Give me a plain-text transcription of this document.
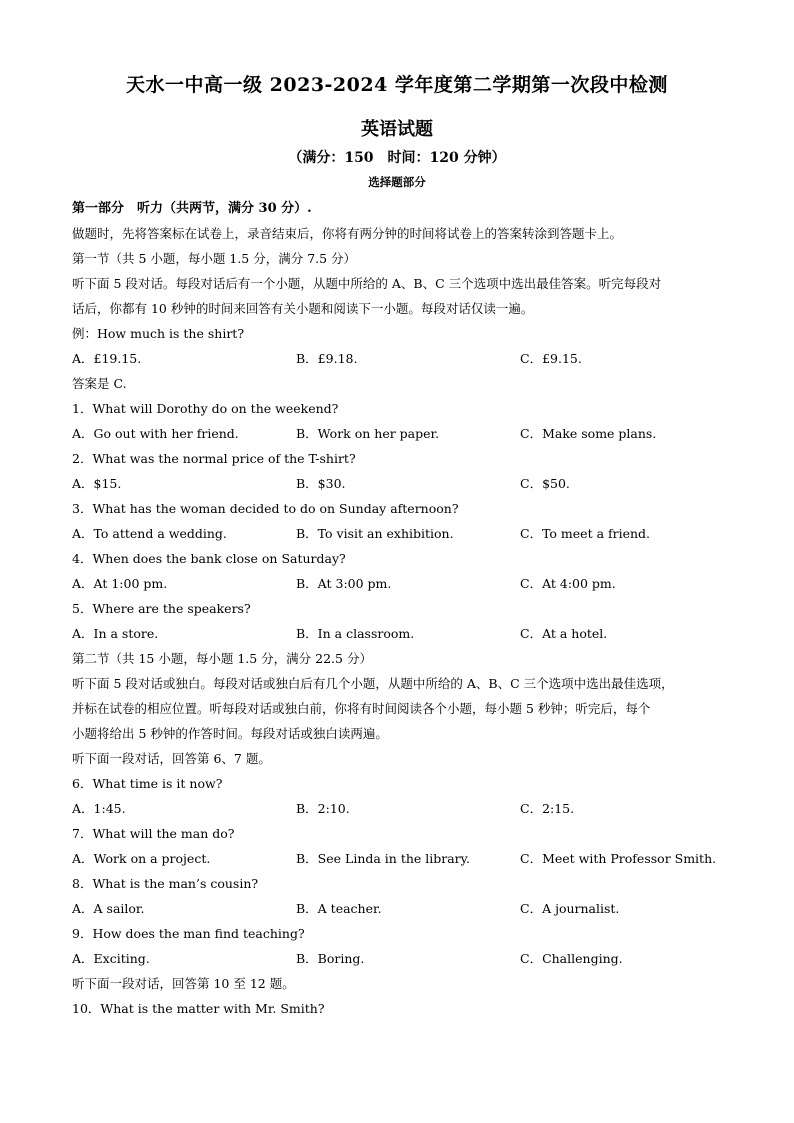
天水一中高一级 2023-2024 学年度第二学期第一次段中检测
英语试题
（满分：150　时间：120 分钟）
选择题部分
第一部分　听力（共两节，满分 30 分）.
做题时，先将答案标在试卷上，录音结束后，你将有两分钟的时间将试卷上的答案转涂到答题卡上。
第一节（共 5 小题，每小题 1.5 分，满分 7.5 分）
听下面 5 段对话。每段对话后有一个小题，从题中所给的 A、B、C 三个选项中选出最佳答案。听完每段对
话后，你都有 10 秒钟的时间来回答有关小题和阅读下一小题。每段对话仅读一遍。
例：How much is the shirt?
A．£19.15.	B．£9.18.	C．£9.15.
答案是 C.
1．What will Dorothy do on the weekend?
A．Go out with her friend.	B．Work on her paper.	C．Make some plans.
2．What was the normal price of the T-shirt?
A．$15.	B．$30.	C．$50.
3．What has the woman decided to do on Sunday afternoon?
A．To attend a wedding.	B．To visit an exhibition.	C．To meet a friend.
4．When does the bank close on Saturday?
A．At 1:00 pm.	B．At 3:00 pm.	C．At 4:00 pm.
5．Where are the speakers?
A．In a store.	B．In a classroom.	C．At a hotel.
第二节（共 15 小题，每小题 1.5 分，满分 22.5 分）
听下面 5 段对话或独白。每段对话或独白后有几个小题，从题中所给的 A、B、C 三个选项中选出最佳选项，
并标在试卷的相应位置。听每段对话或独白前，你将有时间阅读各个小题，每小题 5 秒钟；听完后，每个
小题将给出 5 秒钟的作答时间。每段对话或独白读两遍。
听下面一段对话，回答第 6、7 题。
6．What time is it now?
A．1:45.	B．2:10.	C．2:15.
7．What will the man do?
A．Work on a project.	B．See Linda in the library.	C．Meet with Professor Smith.
8．What is the man’s cousin?
A．A sailor.	B．A teacher.	C．A journalist.
9．How does the man find teaching?
A．Exciting.	B．Boring.	C．Challenging.
听下面一段对话，回答第 10 至 12 题。
10．What is the matter with Mr. Smith?
